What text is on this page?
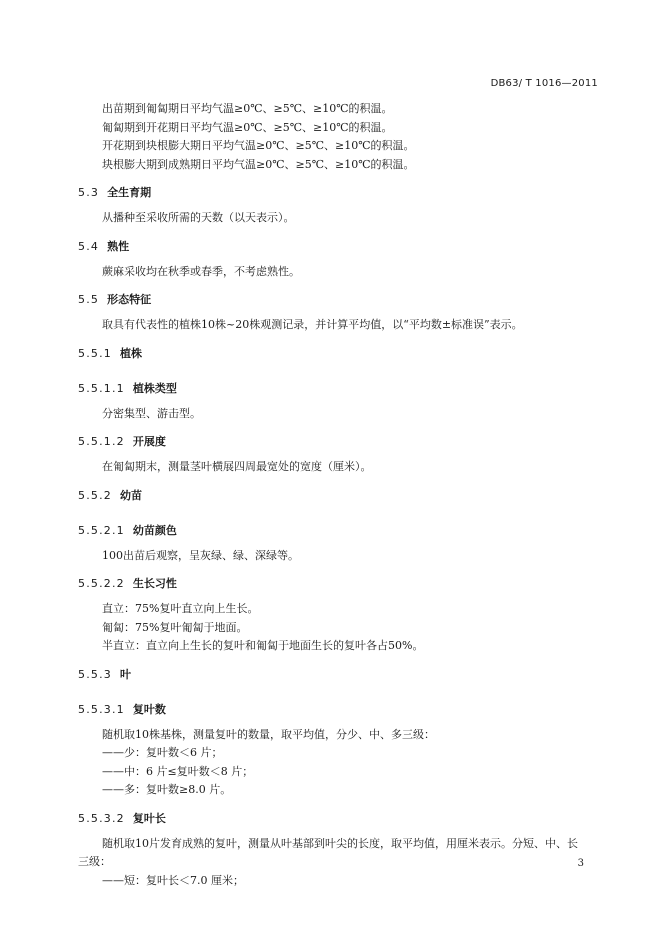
DB63/ T 1016—2011
出苗期到匍匐期日平均气温≥0℃、≥5℃、≥10℃的积温。
匍匐期到开花期日平均气温≥0℃、≥5℃、≥10℃的积温。
开花期到块根膨大期日平均气温≥0℃、≥5℃、≥10℃的积温。
块根膨大期到成熟期日平均气温≥0℃、≥5℃、≥10℃的积温。
5.3 全生育期
从播种至采收所需的天数（以天表示）。
5.4 熟性
蕨麻采收均在秋季或春季，不考虑熟性。
5.5 形态特征
取具有代表性的植株10株~20株观测记录，并计算平均值，以“平均数±标准误”表示。
5.5.1 植株
5.5.1.1 植株类型
分密集型、游击型。
5.5.1.2 开展度
在匍匐期末，测量茎叶横展四周最宽处的宽度（厘米）。
5.5.2 幼苗
5.5.2.1 幼苗颜色
100出苗后观察，呈灰绿、绿、深绿等。
5.5.2.2 生长习性
直立：75%复叶直立向上生长。
匍匐：75%复叶匍匐于地面。
半直立：直立向上生长的复叶和匍匐于地面生长的复叶各占50%。
5.5.3 叶
5.5.3.1 复叶数
随机取10株基株，测量复叶的数量，取平均值，分少、中、多三级：
——少：复叶数＜6 片；
——中：6 片≤复叶数＜8 片；
——多：复叶数≥8.0 片。
5.5.3.2 复叶长
随机取10片发育成熟的复叶，测量从叶基部到叶尖的长度，取平均值，用厘米表示。分短、中、长
三级：
——短：复叶长＜7.0 厘米；
3
